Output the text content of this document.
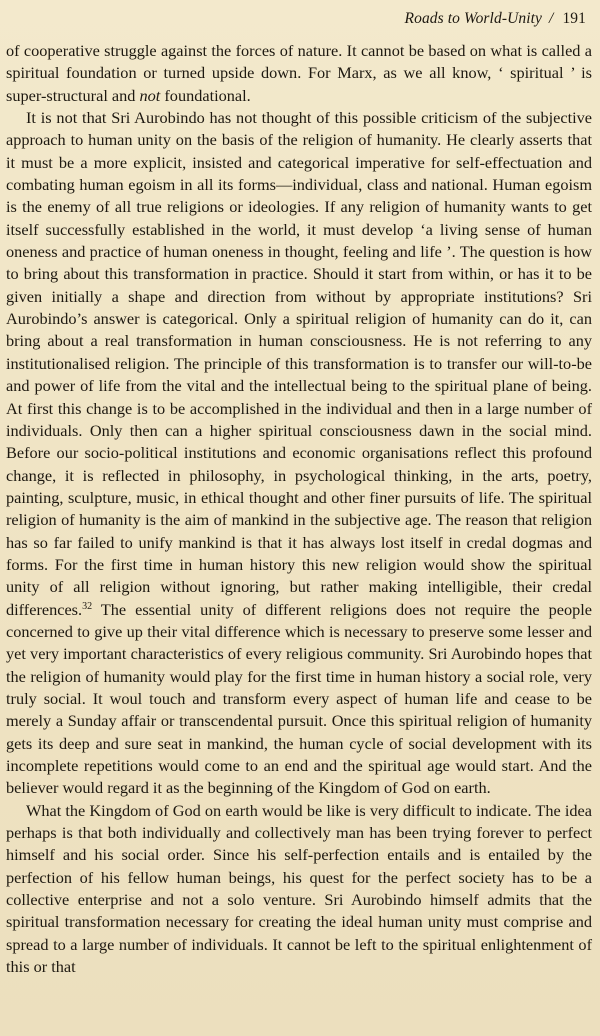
Roads to World-Unity / 191

of cooperative struggle against the forces of nature. It cannot be based on what is called a spiritual foundation or turned upside down. For Marx, as we all know, ‘ spiritual ’ is super-structural and not foundational.

It is not that Sri Aurobindo has not thought of this possible criticism of the subjective approach to human unity on the basis of the religion of humanity. He clearly asserts that it must be a more explicit, insisted and categorical imperative for self-effectuation and combating human egoism in all its forms—individual, class and national. Human egoism is the enemy of all true religions or ideologies. If any religion of humanity wants to get itself successfully established in the world, it must develop ‘a living sense of human oneness and practice of human oneness in thought, feeling and life ’. The question is how to bring about this transformation in practice. Should it start from within, or has it to be given initially a shape and direction from without by appropriate institutions? Sri Aurobindo’s answer is categorical. Only a spiritual religion of humanity can do it, can bring about a real transformation in human consciousness. He is not referring to any institutionalised religion. The principle of this transformation is to transfer our will-to-be and power of life from the vital and the intellectual being to the spiritual plane of being. At first this change is to be accomplished in the individual and then in a large number of individuals. Only then can a higher spiritual consciousness dawn in the social mind. Before our socio-political institutions and economic organisations reflect this profound change, it is reflected in philosophy, in psychological thinking, in the arts, poetry, painting, sculpture, music, in ethical thought and other finer pursuits of life. The spiritual religion of humanity is the aim of mankind in the subjective age. The reason that religion has so far failed to unify mankind is that it has always lost itself in credal dogmas and forms. For the first time in human history this new religion would show the spiritual unity of all religion without ignoring, but rather making intelligible, their credal differences.$^{32}$ The essential unity of different religions does not require the people concerned to give up their vital difference which is necessary to preserve some lesser and yet very important characteristics of every religious community. Sri Aurobindo hopes that the religion of humanity would play for the first time in human history a social role, very truly social. It woul touch and transform every aspect of human life and cease to be merely a Sunday affair or transcendental pursuit. Once this spiritual religion of humanity gets its deep and sure seat in mankind, the human cycle of social development with its incomplete repetitions would come to an end and the spiritual age would start. And the believer would regard it as the beginning of the Kingdom of God on earth.

What the Kingdom of God on earth would be like is very difficult to indicate. The idea perhaps is that both individually and collectively man has been trying forever to perfect himself and his social order. Since his self-perfection entails and is entailed by the perfection of his fellow human beings, his quest for the perfect society has to be a collective enterprise and not a solo venture. Sri Aurobindo himself admits that the spiritual transformation necessary for creating the ideal human unity must comprise and spread to a large number of individuals. It cannot be left to the spiritual enlightenment of this or that
